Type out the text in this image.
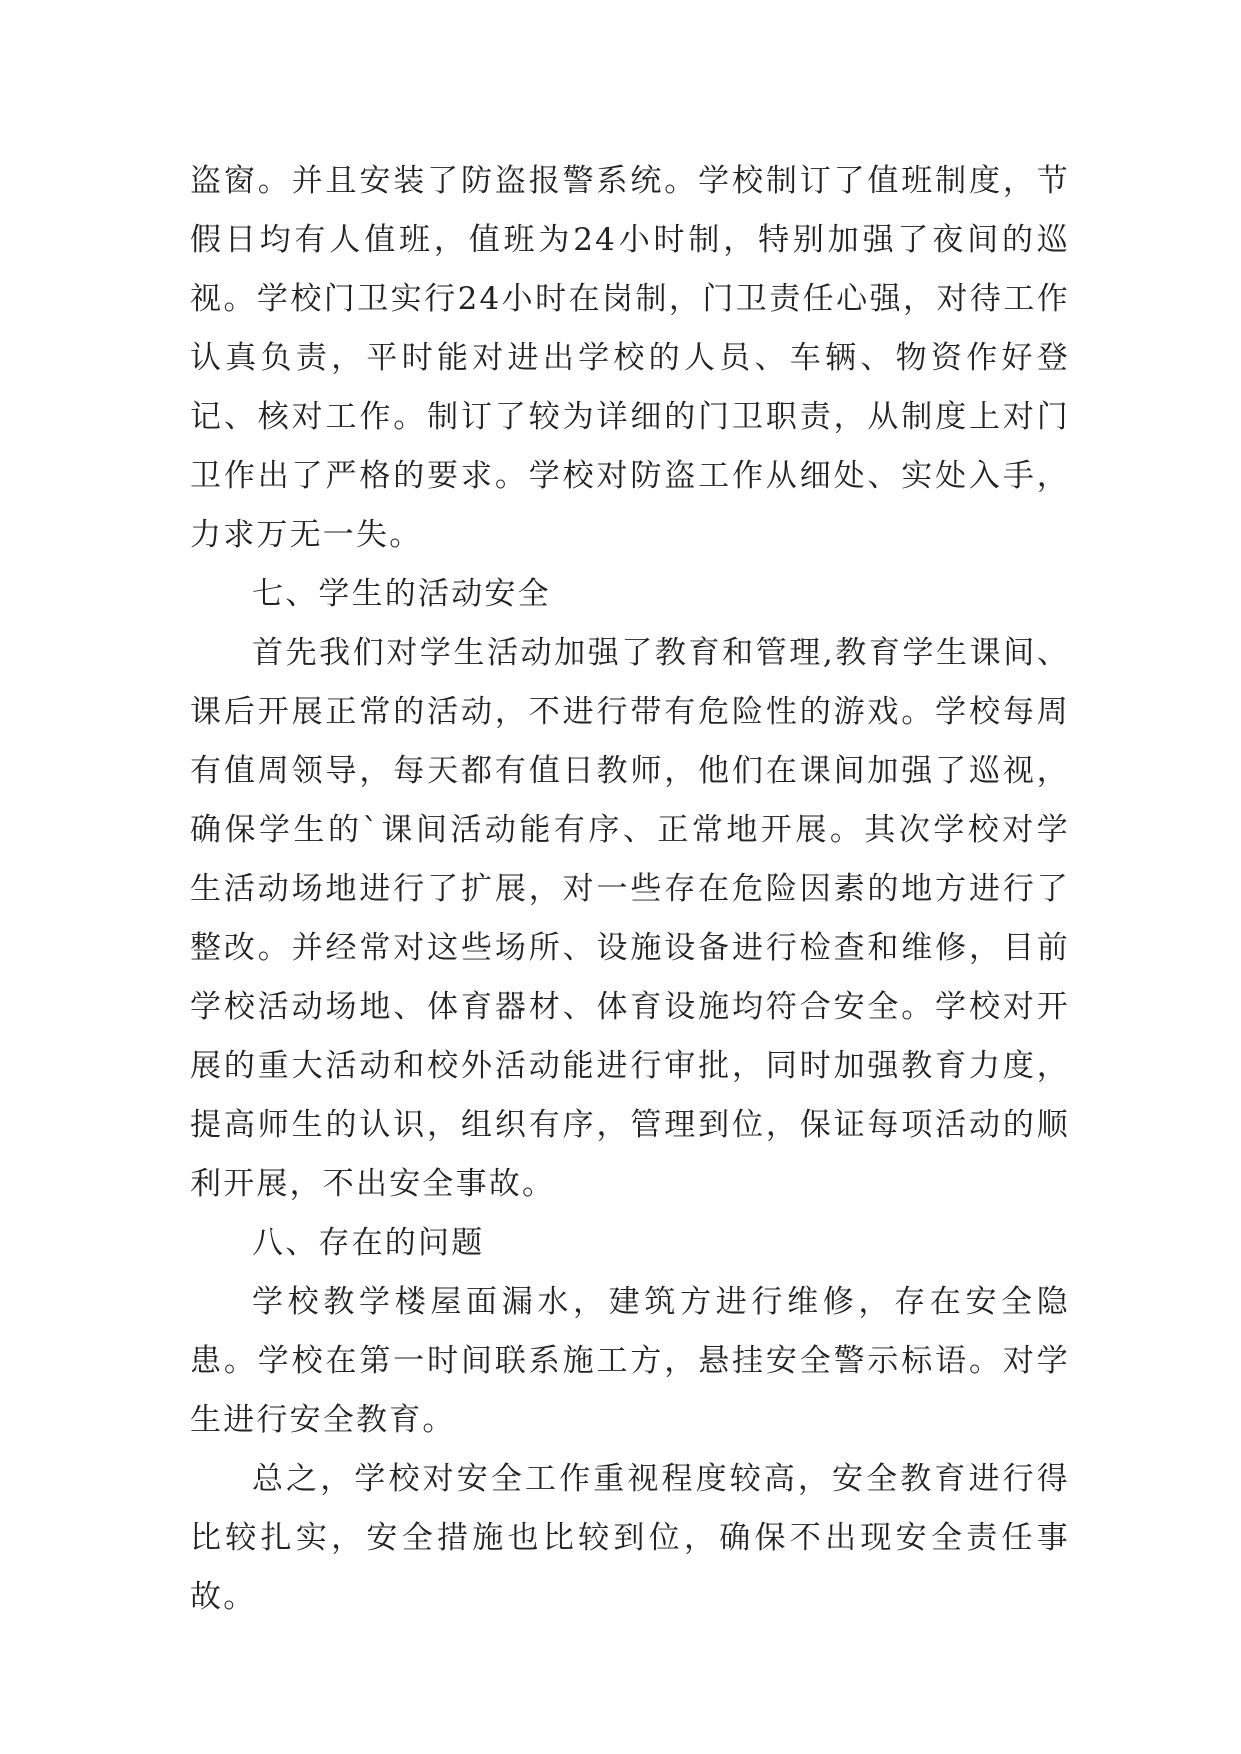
盗窗。并且安装了防盗报警系统。学校制订了值班制度，节假日均有人值班，值班为24小时制，特别加强了夜间的巡视。学校门卫实行24小时在岗制，门卫责任心强，对待工作认真负责，平时能对进出学校的人员、车辆、物资作好登记、核对工作。制订了较为详细的门卫职责，从制度上对门卫作出了严格的要求。学校对防盗工作从细处、实处入手，力求万无一失。

七、学生的活动安全

首先我们对学生活动加强了教育和管理,教育学生课间、课后开展正常的活动，不进行带有危险性的游戏。学校每周有值周领导，每天都有值日教师，他们在课间加强了巡视，确保学生的`课间活动能有序、正常地开展。其次学校对学生活动场地进行了扩展，对一些存在危险因素的地方进行了整改。并经常对这些场所、设施设备进行检查和维修，目前学校活动场地、体育器材、体育设施均符合安全。学校对开展的重大活动和校外活动能进行审批，同时加强教育力度，提高师生的认识，组织有序，管理到位，保证每项活动的顺利开展，不出安全事故。

八、存在的问题

学校教学楼屋面漏水，建筑方进行维修，存在安全隐患。学校在第一时间联系施工方，悬挂安全警示标语。对学生进行安全教育。

总之，学校对安全工作重视程度较高，安全教育进行得比较扎实，安全措施也比较到位，确保不出现安全责任事故。
